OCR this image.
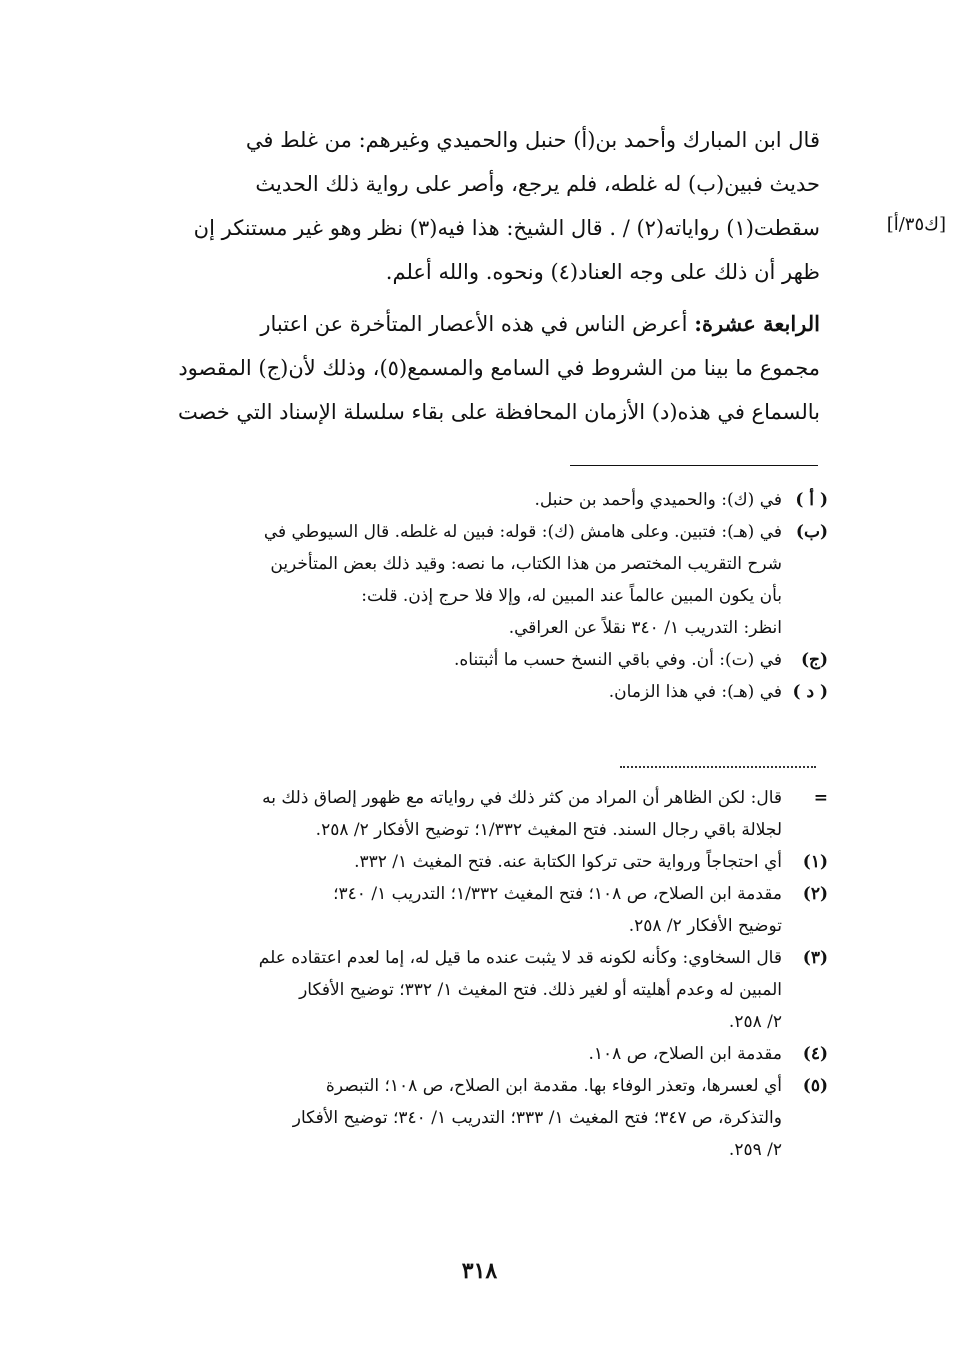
[ك٣٥/أ]

قال ابن المبارك وأحمد بن(أ) حنبل والحميدي وغيرهم: من غلط في
حديث فبين(ب) له غلطه، فلم يرجع، وأصر على رواية ذلك الحديث
سقطت(١) رواياته(٢) / . قال الشيخ: هذا فيه(٣) نظر وهو غير مستنكر إن
ظهر أن ذلك على وجه العناد(٤) ونحوه. والله أعلم.

الرابعة عشرة: أعرض الناس في هذه الأعصار المتأخرة عن اعتبار
مجموع ما بينا من الشروط في السامع والمسمع(٥)، وذلك لأن(ج) المقصود
بالسماع في هذه(د) الأزمان المحافظة على بقاء سلسلة الإسناد التي خصت

( أ )
في (ك): والحميدي وأحمد بن حنبل.
(ب)
في (هـ): فتبين. وعلى هامش (ك): قوله: فبين له غلطه. قال السيوطي في
شرح التقريب المختصر من هذا الكتاب، ما نصه: وقيد ذلك بعض المتأخرين
بأن يكون المبين عالماً عند المبين له، وإلا فلا حرج إذن. قلت:
انظر: التدريب ١/ ٣٤٠ نقلاً عن العراقي.
(ج)
في (ت): أن. وفي باقي النسخ حسب ما أثبتناه.
( د )
في (هـ): في هذا الزمان.
=
قال: لكن الظاهر أن المراد من كثر ذلك في رواياته مع ظهور إلصاق ذلك به
لجلالة باقي رجال السند. فتح المغيث ١/٣٣٢؛ توضيح الأفكار ٢/ ٢٥٨.
(١)
أي احتجاجاً ورواية حتى تركوا الكتابة عنه. فتح المغيث ١/ ٣٣٢.
(٢)
مقدمة ابن الصلاح، ص ١٠٨؛ فتح المغيث ١/٣٣٢؛ التدريب ١/ ٣٤٠؛
توضيح الأفكار ٢/ ٢٥٨.
(٣)
قال السخاوي: وكأنه لكونه قد لا يثبت عنده ما قيل له، إما لعدم اعتقاده علم
المبين له وعدم أهليته أو لغير ذلك. فتح المغيث ١/ ٣٣٢؛ توضيح الأفكار
٢/ ٢٥٨.
(٤)
مقدمة ابن الصلاح، ص ١٠٨.
(٥)
أي لعسرها، وتعذر الوفاء بها. مقدمة ابن الصلاح، ص ١٠٨؛ التبصرة
والتذكرة، ص ٣٤٧؛ فتح المغيث ١/ ٣٣٣؛ التدريب ١/ ٣٤٠؛ توضيح الأفكار
٢/ ٢٥٩.
٣١٨
